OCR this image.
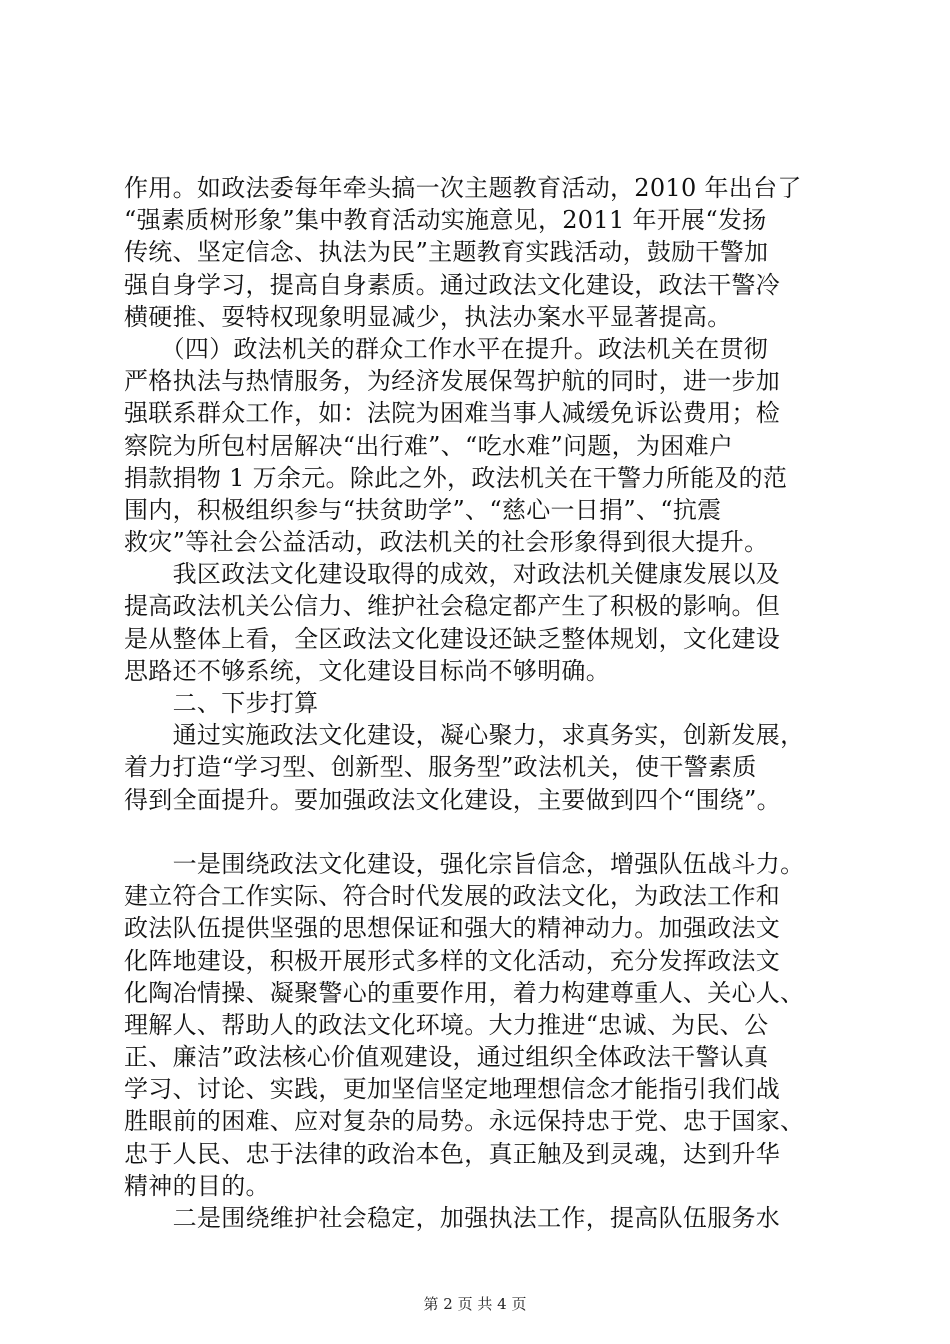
作用。如政法委每年牵头搞一次主题教育活动，2010 年出台了
“强素质树形象”集中教育活动实施意见，2011 年开展“发扬
传统、坚定信念、执法为民”主题教育实践活动，鼓励干警加
强自身学习，提高自身素质。通过政法文化建设，政法干警冷
横硬推、耍特权现象明显减少，执法办案水平显著提高。
　　（四）政法机关的群众工作水平在提升。政法机关在贯彻
严格执法与热情服务，为经济发展保驾护航的同时，进一步加
强联系群众工作，如：法院为困难当事人减缓免诉讼费用；检
察院为所包村居解决“出行难”、“吃水难”问题，为困难户
捐款捐物 1 万余元。除此之外，政法机关在干警力所能及的范
围内，积极组织参与“扶贫助学”、“慈心一日捐”、“抗震
救灾”等社会公益活动，政法机关的社会形象得到很大提升。
　　我区政法文化建设取得的成效，对政法机关健康发展以及
提高政法机关公信力、维护社会稳定都产生了积极的影响。但
是从整体上看，全区政法文化建设还缺乏整体规划，文化建设
思路还不够系统，文化建设目标尚不够明确。
　　二、下步打算
　　通过实施政法文化建设，凝心聚力，求真务实，创新发展，
着力打造“学习型、创新型、服务型”政法机关，使干警素质
得到全面提升。要加强政法文化建设，主要做到四个“围绕”。
　　一是围绕政法文化建设，强化宗旨信念，增强队伍战斗力。
建立符合工作实际、符合时代发展的政法文化，为政法工作和
政法队伍提供坚强的思想保证和强大的精神动力。加强政法文
化阵地建设，积极开展形式多样的文化活动，充分发挥政法文
化陶冶情操、凝聚警心的重要作用，着力构建尊重人、关心人、
理解人、帮助人的政法文化环境。大力推进“忠诚、为民、公
正、廉洁”政法核心价值观建设，通过组织全体政法干警认真
学习、讨论、实践，更加坚信坚定地理想信念才能指引我们战
胜眼前的困难、应对复杂的局势。永远保持忠于党、忠于国家、
忠于人民、忠于法律的政治本色，真正触及到灵魂，达到升华
精神的目的。
　　二是围绕维护社会稳定，加强执法工作，提高队伍服务水
第 2 页 共 4 页
